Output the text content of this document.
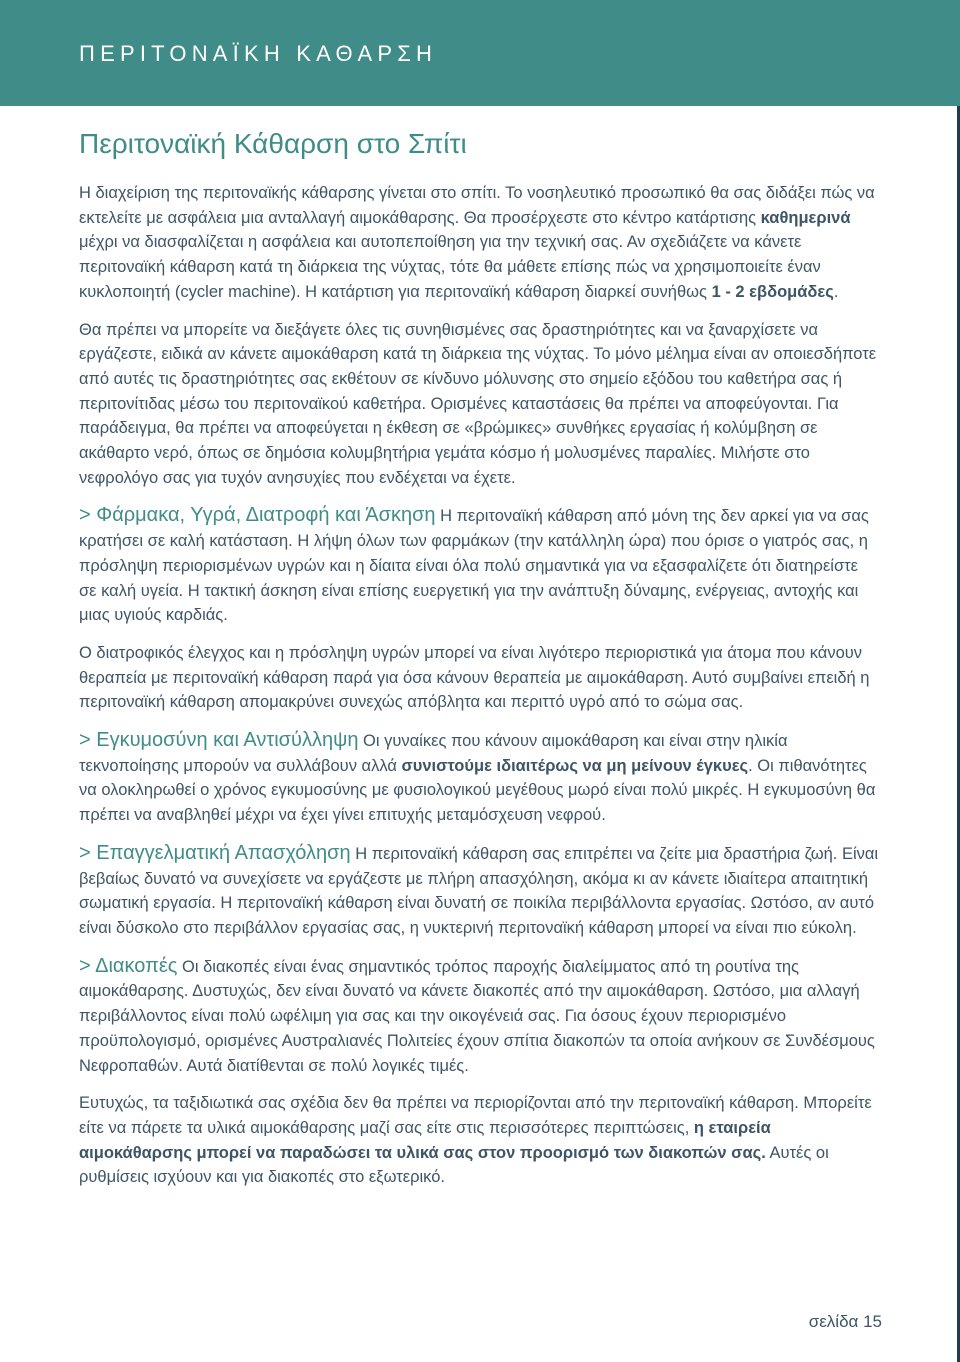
ΠΕΡΙΤΟΝΑΪΚΗ ΚΑΘΑΡΣΗ
Περιτοναϊκή Κάθαρση στο Σπίτι

Η διαχείριση της περιτοναϊκής κάθαρσης γίνεται στο σπίτι. Το νοσηλευτικό προσωπικό θα σας διδάξει πώς να εκτελείτε με ασφάλεια μια ανταλλαγή αιμοκάθαρσης. Θα προσέρχεστε στο κέντρο κατάρτισης καθημερινά μέχρι να διασφαλίζεται η ασφάλεια και αυτοπεποίθηση για την τεχνική σας. Αν σχεδιάζετε να κάνετε περιτοναϊκή κάθαρση κατά τη διάρκεια της νύχτας, τότε θα μάθετε επίσης πώς να χρησιμοποιείτε έναν κυκλοποιητή (cycler machine). Η κατάρτιση για περιτοναϊκή κάθαρση διαρκεί συνήθως 1 - 2 εβδομάδες.

Θα πρέπει να μπορείτε να διεξάγετε όλες τις συνηθισμένες σας δραστηριότητες και να ξαναρχίσετε να εργάζεστε, ειδικά αν κάνετε αιμοκάθαρση κατά τη διάρκεια της νύχτας. Το μόνο μέλημα είναι αν οποιεσδήποτε από αυτές τις δραστηριότητες σας εκθέτουν σε κίνδυνο μόλυνσης στο σημείο εξόδου του καθετήρα σας ή περιτονίτιδας μέσω του περιτοναϊκού καθετήρα. Ορισμένες καταστάσεις θα πρέπει να αποφεύγονται. Για παράδειγμα, θα πρέπει να αποφεύγεται η έκθεση σε «βρώμικες» συνθήκες εργασίας ή κολύμβηση σε ακάθαρτο νερό, όπως σε δημόσια κολυμβητήρια γεμάτα κόσμο ή μολυσμένες παραλίες. Μιλήστε στο νεφρολόγο σας για τυχόν ανησυχίες που ενδέχεται να έχετε.

> Φάρμακα, Υγρά, Διατροφή και Άσκηση Η περιτοναϊκή κάθαρση από μόνη της δεν αρκεί για να σας κρατήσει σε καλή κατάσταση. Η λήψη όλων των φαρμάκων (την κατάλληλη ώρα) που όρισε ο γιατρός σας, η πρόσληψη περιορισμένων υγρών και η δίαιτα είναι όλα πολύ σημαντικά για να εξασφαλίζετε ότι διατηρείστε σε καλή υγεία. Η τακτική άσκηση είναι επίσης ευεργετική για την ανάπτυξη δύναμης, ενέργειας, αντοχής και μιας υγιούς καρδιάς.

Ο διατροφικός έλεγχος και η πρόσληψη υγρών μπορεί να είναι λιγότερο περιοριστικά για άτομα που κάνουν θεραπεία με περιτοναϊκή κάθαρση παρά για όσα κάνουν θεραπεία με αιμοκάθαρση. Αυτό συμβαίνει επειδή η περιτοναϊκή κάθαρση απομακρύνει συνεχώς απόβλητα και περιττό υγρό από το σώμα σας.

> Εγκυμοσύνη και Αντισύλληψη Οι γυναίκες που κάνουν αιμοκάθαρση και είναι στην ηλικία τεκνοποίησης μπορούν να συλλάβουν αλλά συνιστούμε ιδιαιτέρως να μη μείνουν έγκυες. Οι πιθανότητες να ολοκληρωθεί ο χρόνος εγκυμοσύνης με φυσιολογικού μεγέθους μωρό είναι πολύ μικρές. Η εγκυμοσύνη θα πρέπει να αναβληθεί μέχρι να έχει γίνει επιτυχής μεταμόσχευση νεφρού.

> Επαγγελματική Απασχόληση Η περιτοναϊκή κάθαρση σας επιτρέπει να ζείτε μια δραστήρια ζωή. Είναι βεβαίως δυνατό να συνεχίσετε να εργάζεστε με πλήρη απασχόληση, ακόμα κι αν κάνετε ιδιαίτερα απαιτητική σωματική εργασία. Η περιτοναϊκή κάθαρση είναι δυνατή σε ποικίλα περιβάλλοντα εργασίας. Ωστόσο, αν αυτό είναι δύσκολο στο περιβάλλον εργασίας σας, η νυκτερινή περιτοναϊκή κάθαρση μπορεί να είναι πιο εύκολη.

> Διακοπές Οι διακοπές είναι ένας σημαντικός τρόπος παροχής διαλείμματος από τη ρουτίνα της αιμοκάθαρσης. Δυστυχώς, δεν είναι δυνατό να κάνετε διακοπές από την αιμοκάθαρση. Ωστόσο, μια αλλαγή περιβάλλοντος είναι πολύ ωφέλιμη για σας και την οικογένειά σας. Για όσους έχουν περιορισμένο προϋπολογισμό, ορισμένες Αυστραλιανές Πολιτείες έχουν σπίτια διακοπών τα οποία ανήκουν σε Συνδέσμους Νεφροπαθών. Αυτά διατίθενται σε πολύ λογικές τιμές.

Ευτυχώς, τα ταξιδιωτικά σας σχέδια δεν θα πρέπει να περιορίζονται από την περιτοναϊκή κάθαρση. Μπορείτε είτε να πάρετε τα υλικά αιμοκάθαρσης μαζί σας είτε στις περισσότερες περιπτώσεις, η εταιρεία αιμοκάθαρσης μπορεί να παραδώσει τα υλικά σας στον προορισμό των διακοπών σας. Αυτές οι ρυθμίσεις ισχύουν και για διακοπές στο εξωτερικό.

σελίδα 15
